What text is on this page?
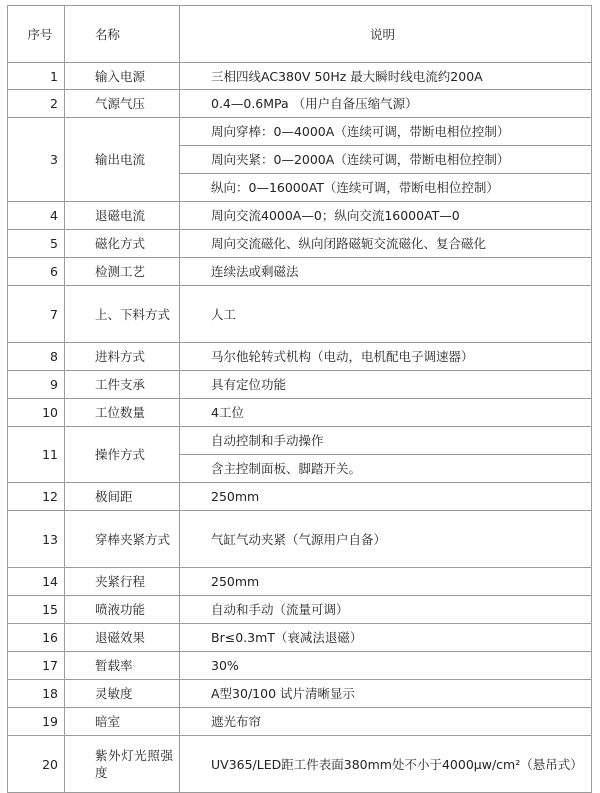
序号	名称	说明
1	输入电源	三相四线AC380V 50Hz 最大瞬时线电流约200A
2	气源气压	0.4—0.6MPa （用户自备压缩气源）
3	输出电流	周向穿棒：0—4000A（连续可调，带断电相位控制）
		周向夹紧：0—2000A（连续可调，带断电相位控制）
		纵向：0—16000AT（连续可调，带断电相位控制）
4	退磁电流	周向交流4000A—0；纵向交流16000AT—0
5	磁化方式	周向交流磁化、纵向闭路磁轭交流磁化、复合磁化
6	检测工艺	连续法或剩磁法
7	上、下料方式	人工
8	进料方式	马尔他轮转式机构（电动，电机配电子调速器）
9	工件支承	具有定位功能
10	工位数量	4工位
11	操作方式	自动控制和手动操作
		含主控制面板、脚踏开关。
12	极间距	250mm
13	穿棒夹紧方式	气缸气动夹紧（气源用户自备）
14	夹紧行程	250mm
15	喷液功能	自动和手动（流量可调）
16	退磁效果	Br≤0.3mT（衰减法退磁）
17	暂载率	30%
18	灵敏度	A型30/100 试片清晰显示
19	暗室	遮光布帘
20	紫外灯光照强度	UV365/LED距工件表面380mm处不小于4000μw/cm²（悬吊式）
